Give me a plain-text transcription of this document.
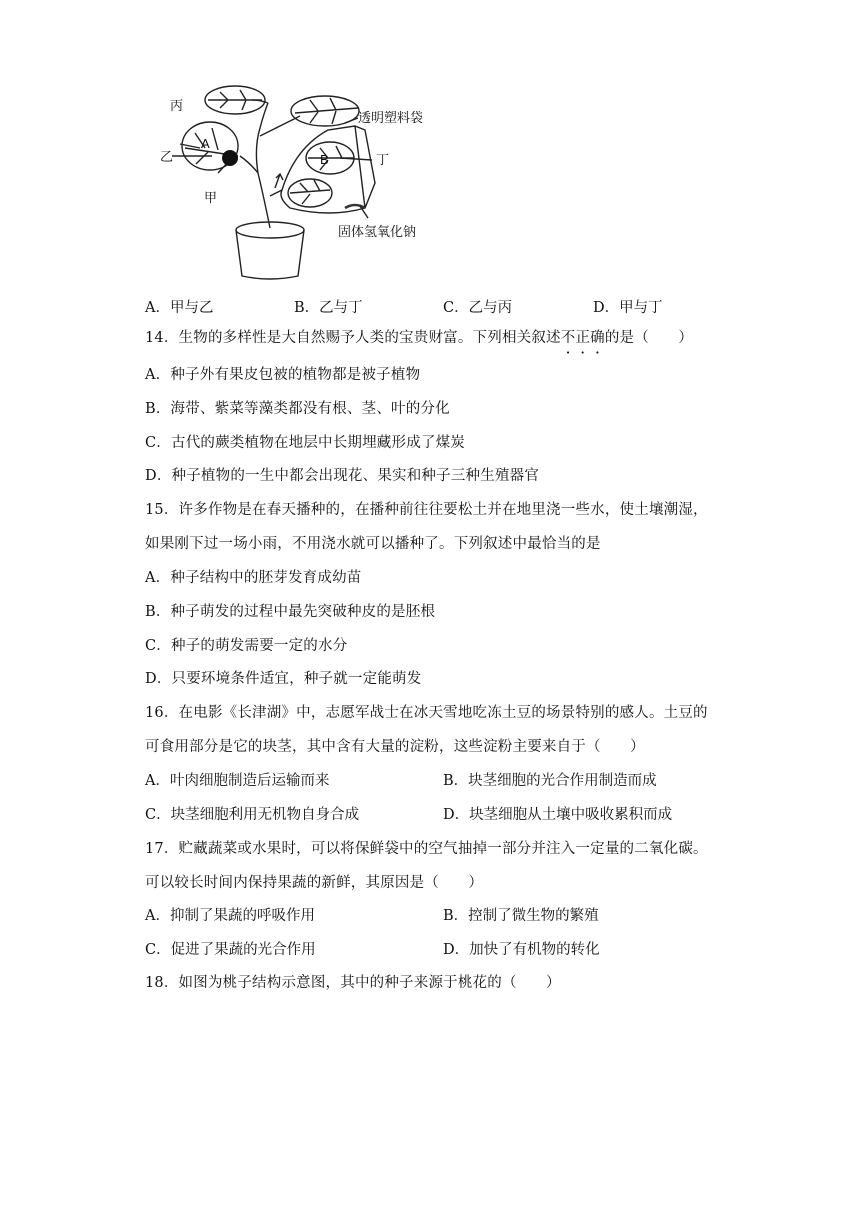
丙
A
乙
甲
透明塑料袋
B	丁
固体氢氧化钠
A．甲与乙	B．乙与丁	C．乙与丙	D．甲与丁
14．生物的多样性是大自然赐予人类的宝贵财富。下列相关叙述不正确的是（　　）
A．种子外有果皮包被的植物都是被子植物
B．海带、紫菜等藻类都没有根、茎、叶的分化
C．古代的蕨类植物在地层中长期埋藏形成了煤炭
D．种子植物的一生中都会出现花、果实和种子三种生殖器官
15．许多作物是在春天播种的，在播种前往往要松土并在地里浇一些水，使土壤潮湿，
如果刚下过一场小雨，不用浇水就可以播种了。下列叙述中最恰当的是
A．种子结构中的胚芽发育成幼苗
B．种子萌发的过程中最先突破种皮的是胚根
C．种子的萌发需要一定的水分
D．只要环境条件适宜，种子就一定能萌发
16．在电影《长津湖》中，志愿军战士在冰天雪地吃冻土豆的场景特别的感人。土豆的
可食用部分是它的块茎，其中含有大量的淀粉，这些淀粉主要来自于（　　）
A．叶肉细胞制造后运输而来	B．块茎细胞的光合作用制造而成
C．块茎细胞利用无机物自身合成	D．块茎细胞从土壤中吸收累积而成
17．贮藏蔬菜或水果时，可以将保鲜袋中的空气抽掉一部分并注入一定量的二氧化碳。
可以较长时间内保持果蔬的新鲜，其原因是（　　）
A．抑制了果蔬的呼吸作用	B．控制了微生物的繁殖
C．促进了果蔬的光合作用	D．加快了有机物的转化
18．如图为桃子结构示意图，其中的种子来源于桃花的（　　）
